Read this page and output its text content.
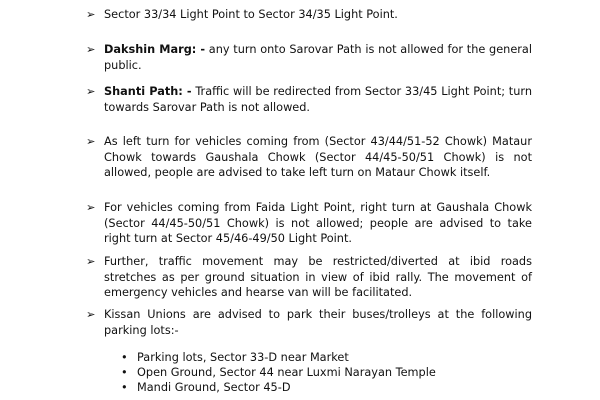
➢ Sector 33/34 Light Point to Sector 34/35 Light Point.
➢ Dakshin Marg: - any turn onto Sarovar Path is not allowed for the general public.
➢ Shanti Path: - Traffic will be redirected from Sector 33/45 Light Point; turn towards Sarovar Path is not allowed.
➢ As left turn for vehicles coming from (Sector 43/44/51-52 Chowk) Mataur Chowk towards Gaushala Chowk (Sector 44/45-50/51 Chowk) is not allowed, people are advised to take left turn on Mataur Chowk itself.
➢ For vehicles coming from Faida Light Point, right turn at Gaushala Chowk (Sector 44/45-50/51 Chowk) is not allowed; people are advised to take right turn at Sector 45/46-49/50 Light Point.
➢ Further, traffic movement may be restricted/diverted at ibid roads stretches as per ground situation in view of ibid rally. The movement of emergency vehicles and hearse van will be facilitated.
➢ Kissan Unions are advised to park their buses/trolleys at the following parking lots:-
• Parking lots, Sector 33-D near Market
• Open Ground, Sector 44 near Luxmi Narayan Temple
• Mandi Ground, Sector 45-D
